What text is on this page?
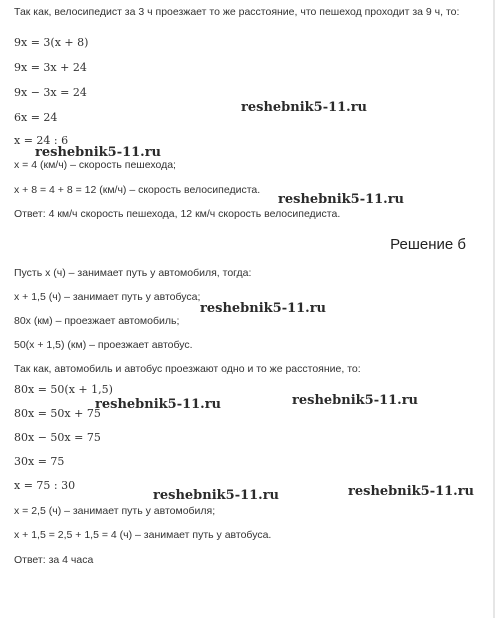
Так как, велосипедист за 3 ч проезжает то же расстояние, что пешеход проходит за 9 ч, то:
9x = 3(x + 8)
9x = 3x + 24
9x − 3x = 24
6x = 24
x = 24 : 6
x = 4 (км/ч) – скорость пешехода;
x + 8 = 4 + 8 = 12 (км/ч) – скорость велосипедиста.
Ответ: 4 км/ч скорость пешехода, 12 км/ч скорость велосипедиста.
Решение б
Пусть x (ч) – занимает путь у автомобиля, тогда:
x + 1,5 (ч) – занимает путь у автобуса;
80x (км) – проезжает автомобиль;
50(x + 1,5) (км) – проезжает автобус.
Так как, автомобиль и автобус проезжают одно и то же расстояние, то:
80x = 50(x + 1,5)
80x = 50x + 75
80x − 50x = 75
30x = 75
x = 75 : 30
x = 2,5 (ч) – занимает путь у автомобиля;
x + 1,5 = 2,5 + 1,5 = 4 (ч) – занимает путь у автобуса.
Ответ: за 4 часа
reshebnik5-11.ru
reshebnik5-11.ru
reshebnik5-11.ru
reshebnik5-11.ru
reshebnik5-11.ru	reshebnik5-11.ru
reshebnik5-11.ru	reshebnik5-11.ru
